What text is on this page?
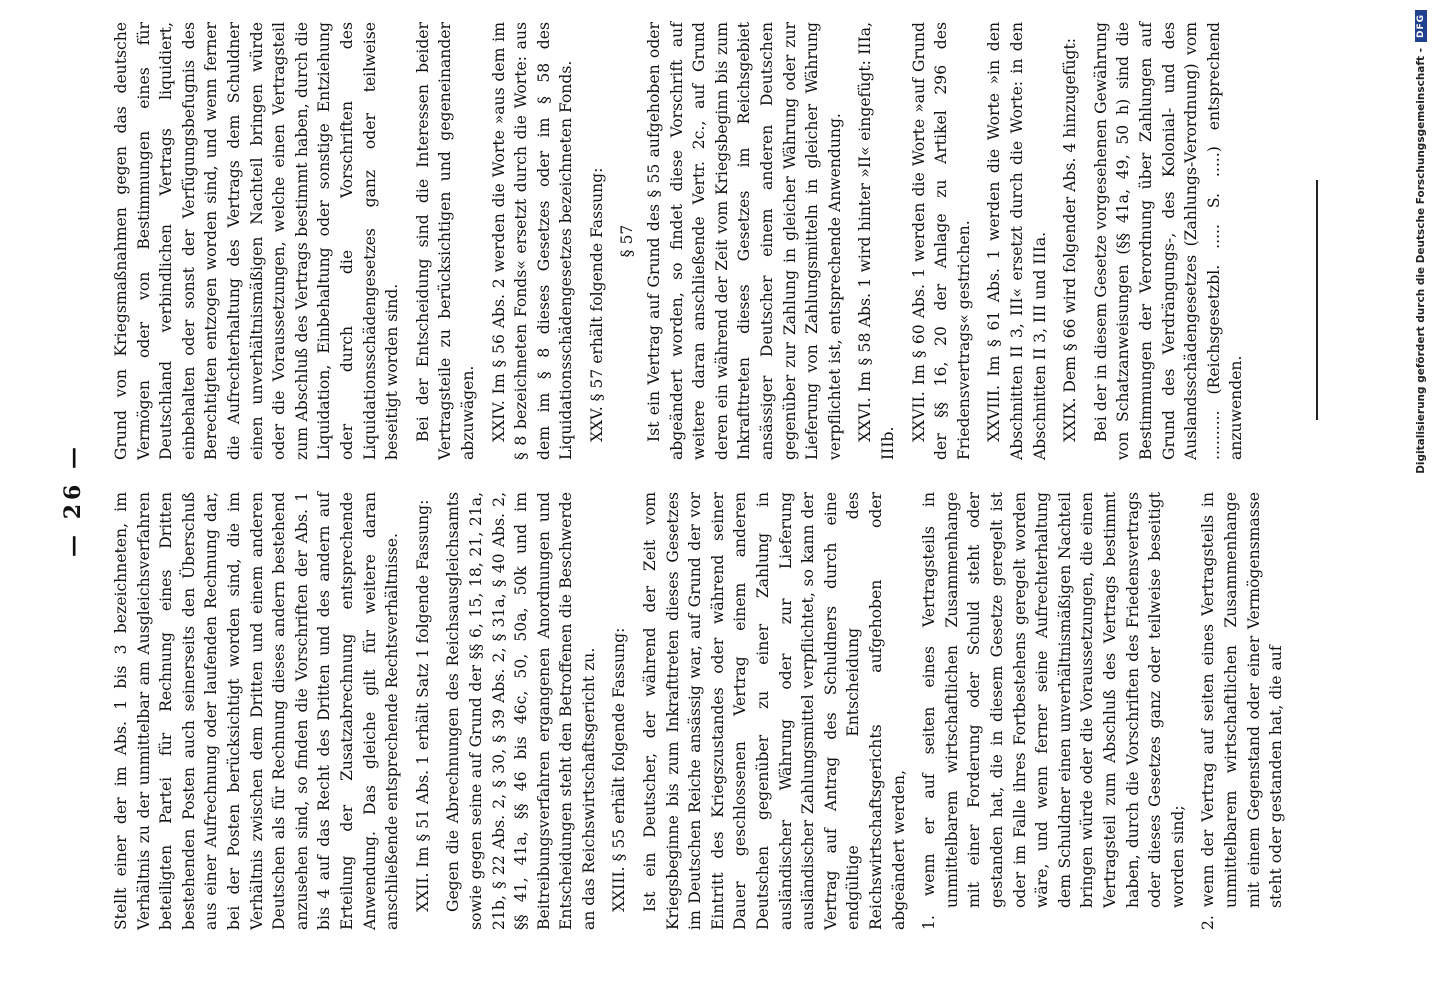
— 26 — Stellt einer der im Abs. 1 bis 3 bezeichneten, im Verhältnis zu der unmittelbar am Ausgleichsverfahren beteiligten Partei für Rechnung eines Dritten bestehenden Posten auch seinerseits den Überschuß aus einer Aufrechnung oder laufenden Rechnung dar, bei der Posten berücksichtigt worden sind, die im Verhältnis zwischen dem Dritten und einem anderen Deutschen als für Rechnung dieses andern bestehend anzusehen sind, so finden die Vorschriften der Abs. 1 bis 4 auf das Recht des Dritten und des andern auf Erteilung der Zusatzabrechnung entsprechende Anwendung. Das gleiche gilt für weitere daran anschließende entsprechende Rechtsverhältnisse. XXII. Im § 51 Abs. 1 erhält Satz 1 folgende Fassung: Gegen die Abrechnungen des Reichsausgleichsamts sowie gegen seine auf Grund der §§ 6, 15, 18, 21, 21a, 21b, § 22 Abs. 2, § 30, § 39 Abs. 2, § 31a, § 40 Abs. 2, §§ 41, 41a, §§ 46 bis 46c, 50, 50a, 50k und im Beitreibungsverfahren ergangenen Anordnungen und Entscheidungen steht den Betroffenen die Beschwerde an das Reichswirtschaftsgericht zu. XXIII. § 55 erhält folgende Fassung: Ist ein Deutscher, der während der Zeit vom Kriegsbeginne bis zum Inkrafttreten dieses Gesetzes im Deutschen Reiche ansässig war, auf Grund der vor Eintritt des Kriegszustandes oder während seiner Dauer geschlossenen Vertrag einem anderen Deutschen gegenüber zu einer Zahlung in ausländischer Währung oder zur Lieferung ausländischer Zahlungsmittel verpflichtet, so kann der Vertrag auf Antrag des Schuldners durch eine endgültige Entscheidung des Reichswirtschaftsgerichts aufgehoben oder abgeändert werden, 1. wenn er auf seiten eines Vertragsteils in unmittelbarem wirtschaftlichen Zusammenhange mit einer Forderung oder Schuld steht oder gestanden hat, die in diesem Gesetze geregelt ist oder im Falle ihres Fortbestehens geregelt worden wäre, und wenn ferner seine Aufrechterhaltung dem Schuldner einen unverhältnismäßigen Nachteil bringen würde oder die Voraussetzungen, die einen Vertragsteil zum Abschluß des Vertrags bestimmt haben, durch die Vorschriften des Friedensvertrags oder dieses Gesetzes ganz oder teilweise beseitigt worden sind; 2. wenn der Vertrag auf seiten eines Vertragsteils in unmittelbarem wirtschaftlichen Zusammenhange mit einem Gegenstand oder einer Vermögensmasse steht oder gestanden hat, die auf

Grund von Kriegsmaßnahmen gegen das deutsche Vermögen oder von Bestimmungen eines für Deutschland verbindlichen Vertrags liquidiert, einbehalten oder sonst der Verfügungsbefugnis des Berechtigten entzogen worden sind, und wenn ferner die Aufrechterhaltung des Vertrags dem Schuldner einen unverhältnismäßigen Nachteil bringen würde oder die Voraussetzungen, welche einen Vertragsteil zum Abschluß des Vertrags bestimmt haben, durch die Liquidation, Einbehaltung oder sonstige Entziehung oder durch die Vorschriften des Liquidationsschädengesetzes ganz oder teilweise beseitigt worden sind. Bei der Entscheidung sind die Interessen beider Vertragsteile zu berücksichtigen und gegeneinander abzuwägen. XXIV. Im § 56 Abs. 2 werden die Worte »aus dem im § 8 bezeichneten Fonds« ersetzt durch die Worte: aus dem im § 8 dieses Gesetzes oder im § 58 des Liquidationsschädengesetzes bezeichneten Fonds. XXV. § 57 erhält folgende Fassung: § 57 Ist ein Vertrag auf Grund des § 55 aufgehoben oder abgeändert worden, so findet diese Vorschrift auf weitere daran anschließende Vertr. 2c., auf Grund deren ein während der Zeit vom Kriegsbeginn bis zum Inkrafttreten dieses Gesetzes im Reichsgebiet ansässiger Deutscher einem anderen Deutschen gegenüber zur Zahlung in gleicher Währung oder zur Lieferung von Zahlungsmitteln in gleicher Währung verpflichtet ist, entsprechende Anwendung. XXVI. Im § 58 Abs. 1 wird hinter »II« eingefügt: IIIa, IIIb.

XXVII. Im § 60 Abs. 1 werden die Worte »auf Grund der §§ 16, 20 der Anlage zu Artikel 296 des Friedensvertrags« gestrichen. XXVIII. Im § 61 Abs. 1 werden die Worte »in den Abschnitten II 3, III« ersetzt durch die Worte: in den Abschnitten II 3, III und IIIa. XXIX. Dem § 66 wird folgender Abs. 4 hinzugefügt: Bei der in diesem Gesetze vorgesehenen Gewährung von Schatzanweisungen (§§ 41a, 49, 50 h) sind die Bestimmungen der Verordnung über Zahlungen auf Grund des Verdrängungs-, des Kolonial- und des Auslandsschädengesetzes (Zahlungs-Verordnung) vom .......... (Reichsgesetzbl. ..... S. .....) entsprechend anzuwenden.	Digitalisierung gefördert durch die Deutsche Forschungsgemeinschaft -
DFG
